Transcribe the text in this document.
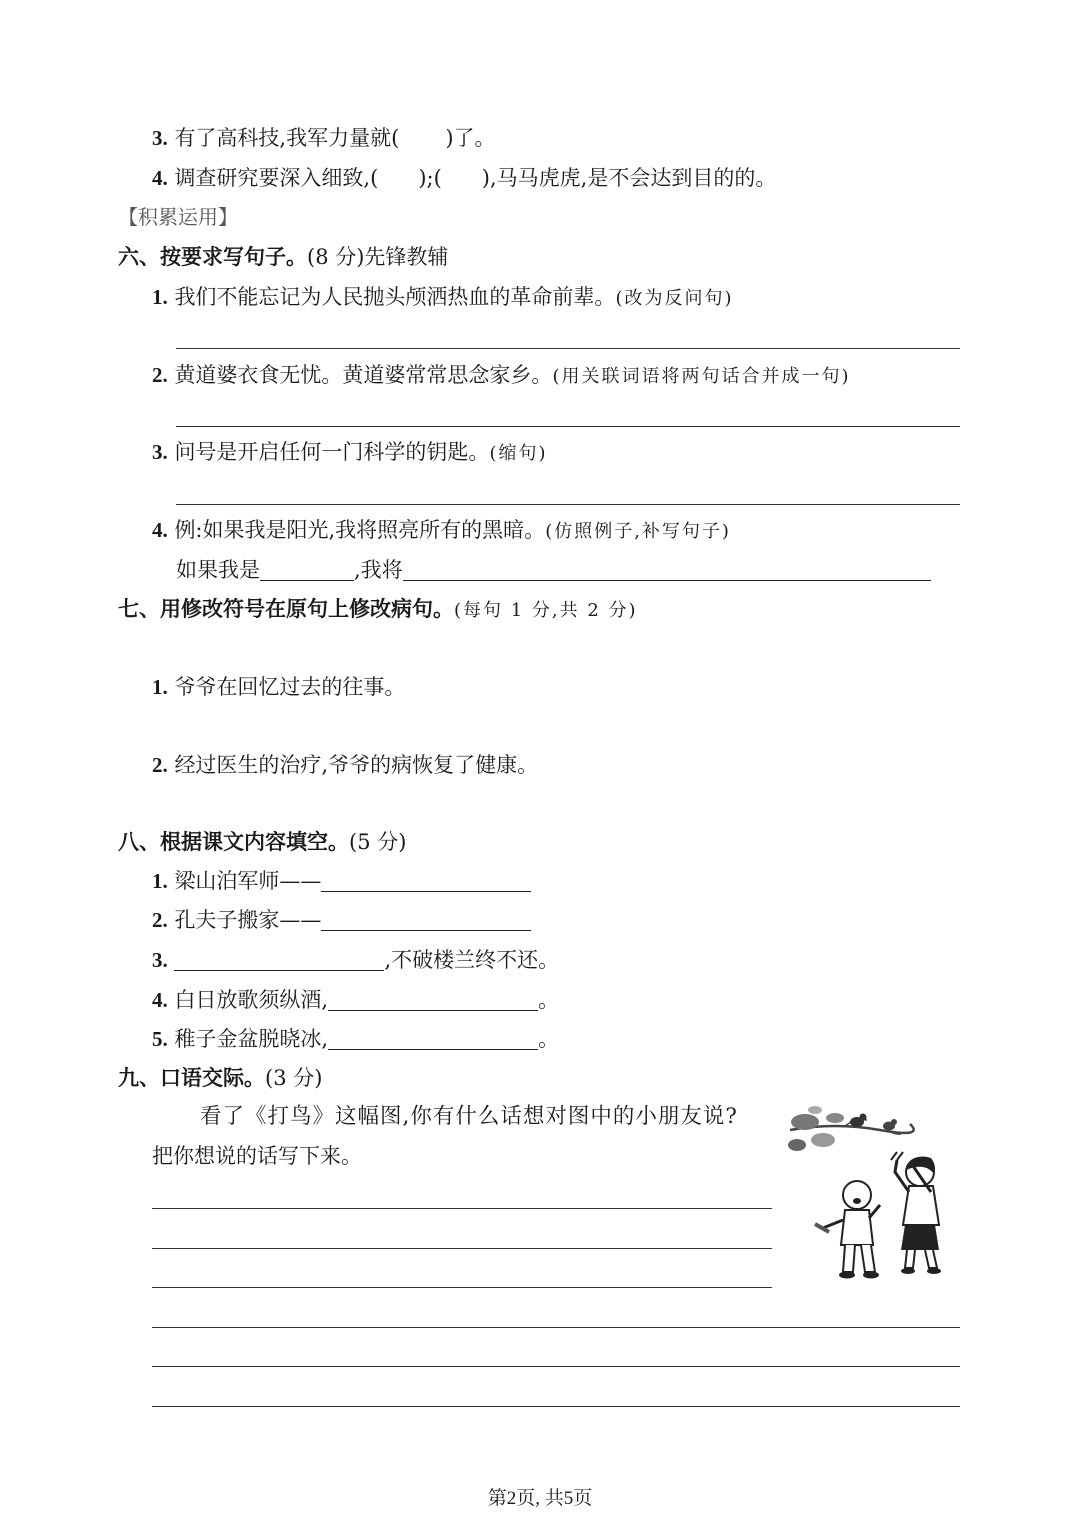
3. 有了高科技,我军力量就( )了。
4. 调查研究要深入细致,( );( ),马马虎虎,是不会达到目的的。
【积累运用】
六、按要求写句子。(8 分)先锋教辅
1. 我们不能忘记为人民抛头颅洒热血的革命前辈。(改为反问句)
2. 黄道婆衣食无忧。黄道婆常常思念家乡。(用关联词语将两句话合并成一句)
3. 问号是开启任何一门科学的钥匙。(缩句)
4. 例:如果我是阳光,我将照亮所有的黑暗。(仿照例子,补写句子)
如果我是	,我将
七、用修改符号在原句上修改病句。(每句 1 分,共 2 分)
1. 爷爷在回忆过去的往事。
2. 经过医生的治疗,爷爷的病恢复了健康。
八、根据课文内容填空。(5 分)
1. 梁山泊军师——
2. 孔夫子搬家——
3.	,不破楼兰终不还。
4. 白日放歌须纵酒,	。
5. 稚子金盆脱晓冰,	。
九、口语交际。(3 分)
看了《打鸟》这幅图,你有什么话想对图中的小朋友说?
把你想说的话写下来。
第2页, 共5页
